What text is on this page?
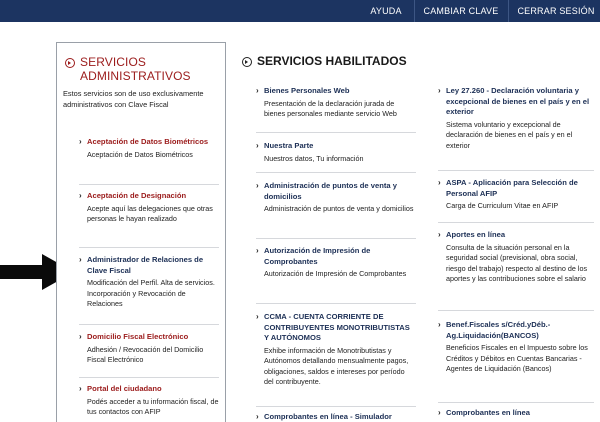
AYUDA	CAMBIAR CLAVE	CERRAR SESIÓN
SERVICIOS
ADMINISTRATIVOS
Estos servicios son de uso exclusivamente administrativos con Clave Fiscal
› Aceptación de Datos Biométricos
Aceptación de Datos Biométricos
› Aceptación de Designación
Acepte aquí las delegaciones que otras personas le hayan realizado
› Administrador de Relaciones de Clave Fiscal
Modificación del Perfil. Alta de servicios. Incorporación y Revocación de Relaciones
› Domicilio Fiscal Electrónico
Adhesión / Revocación del Domicilio Fiscal Electrónico
› Portal del ciudadano
Podés acceder a tu información fiscal, de tus contactos con AFIP
SERVICIOS HABILITADOS
› Bienes Personales Web
Presentación de la declaración jurada de bienes personales mediante servicio Web
› Nuestra Parte
Nuestros datos, Tu información
› Administración de puntos de venta y domicilios
Administración de puntos de venta y domicilios
› Autorización de Impresión de Comprobantes
Autorización de Impresión de Comprobantes
› CCMA - CUENTA CORRIENTE DE CONTRIBUYENTES MONOTRIBUTISTAS Y AUTÓNOMOS
Exhibe información de Monotributistas y Autónomos detallando mensualmente pagos, obligaciones, saldos e intereses por período del contribuyente.
› Comprobantes en línea - Simulador
› Ley 27.260 - Declaración voluntaria y excepcional de bienes en el país y en el exterior
Sistema voluntario y excepcional de declaración de bienes en el país y en el exterior
› ASPA - Aplicación para Selección de Personal AFIP
Carga de Curriculum Vitae en AFIP
› Aportes en línea
Consulta de la situación personal en la seguridad social (previsional, obra social, riesgo del trabajo) respecto al destino de los aportes y las contribuciones sobre el salario
› Benef.Fiscales s/Créd.yDéb.-Ag.Liquidación(BANCOS)
Beneficios Fiscales en el Impuesto sobre los Créditos y Débitos en Cuentas Bancarias - Agentes de Liquidación (Bancos)
› Comprobantes en línea
